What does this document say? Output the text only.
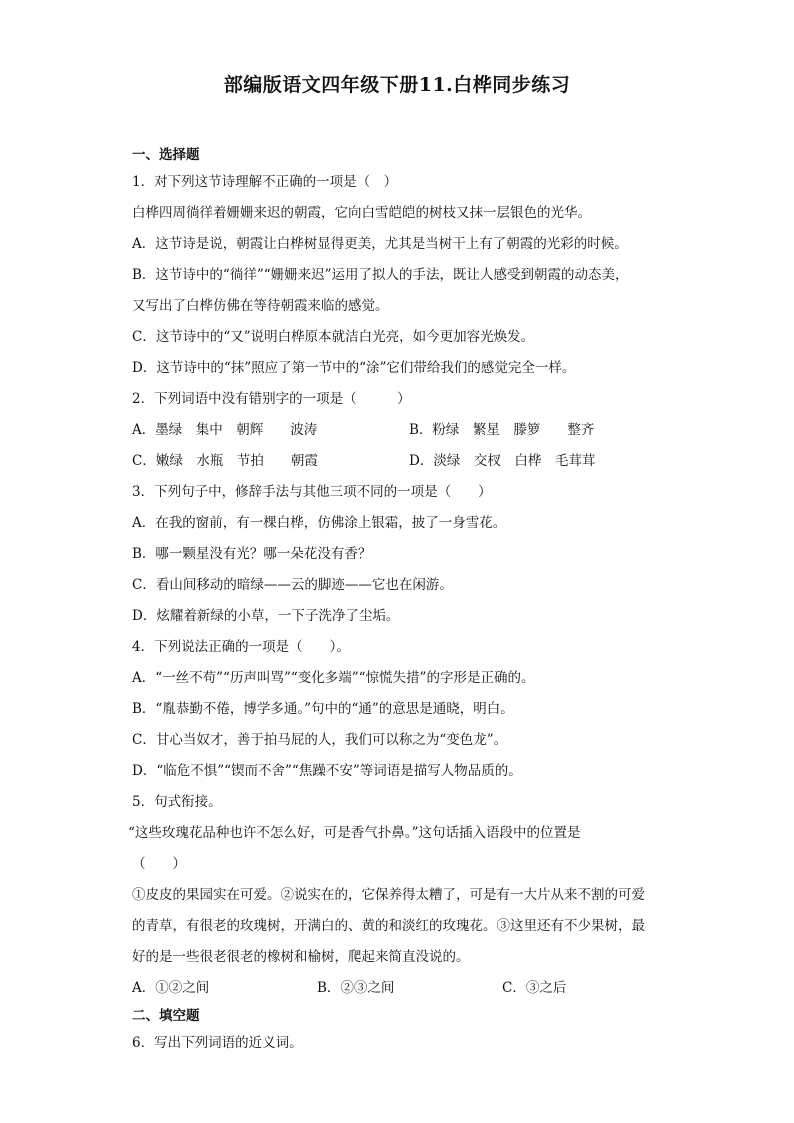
部编版语文四年级下册11.白桦同步练习
一、选择题
1．对下列这节诗理解不正确的一项是（　）
白桦四周徜徉着姗姗来迟的朝霞，它向白雪皑皑的树枝又抹一层银色的光华。
A．这节诗是说，朝霞让白桦树显得更美，尤其是当树干上有了朝霞的光彩的时候。
B．这节诗中的“徜徉”“姗姗来迟”运用了拟人的手法，既让人感受到朝霞的动态美，
又写出了白桦仿佛在等待朝霞来临的感觉。
C．这节诗中的“又”说明白桦原本就洁白光亮，如今更加容光焕发。
D．这节诗中的“抹”照应了第一节中的“涂”它们带给我们的感觉完全一样。
2．下列词语中没有错别字的一项是（　　　）
A．墨绿　集中　朝辉　　波涛	B．粉绿　繁星　滕箩　　整齐
C．嫩绿　水瓶　节拍　　朝霞	D．淡绿　交杈　白桦　毛茸茸
3．下列句子中，修辞手法与其他三项不同的一项是（　　）
A．在我的窗前，有一棵白桦，仿佛涂上银霜，披了一身雪花。
B．哪一颗星没有光？哪一朵花没有香？
C．看山间移动的暗绿——云的脚迹——它也在闲游。
D．炫耀着新绿的小草，一下子洗净了尘垢。
4．下列说法正确的一项是（　　）。
A．“一丝不苟”“历声叫骂”“变化多端”“惊慌失措”的字形是正确的。
B．“胤恭勤不倦，博学多通。”句中的“通”的意思是通晓，明白。
C．甘心当奴才，善于拍马屁的人，我们可以称之为“变色龙”。
D．“临危不惧”“锲而不舍”“焦躁不安”等词语是描写人物品质的。
5．句式衔接。
“这些玫瑰花品种也许不怎么好，可是香气扑鼻。”这句话插入语段中的位置是
（　　）
①皮皮的果园实在可爱。②说实在的，它保养得太糟了，可是有一大片从来不割的可爱
的青草，有很老的玫瑰树，开满白的、黄的和淡红的玫瑰花。③这里还有不少果树，最
好的是一些很老很老的橡树和榆树，爬起来简直没说的。
A．①②之间	B．②③之间	C．③之后
二、填空题
6．写出下列词语的近义词。
